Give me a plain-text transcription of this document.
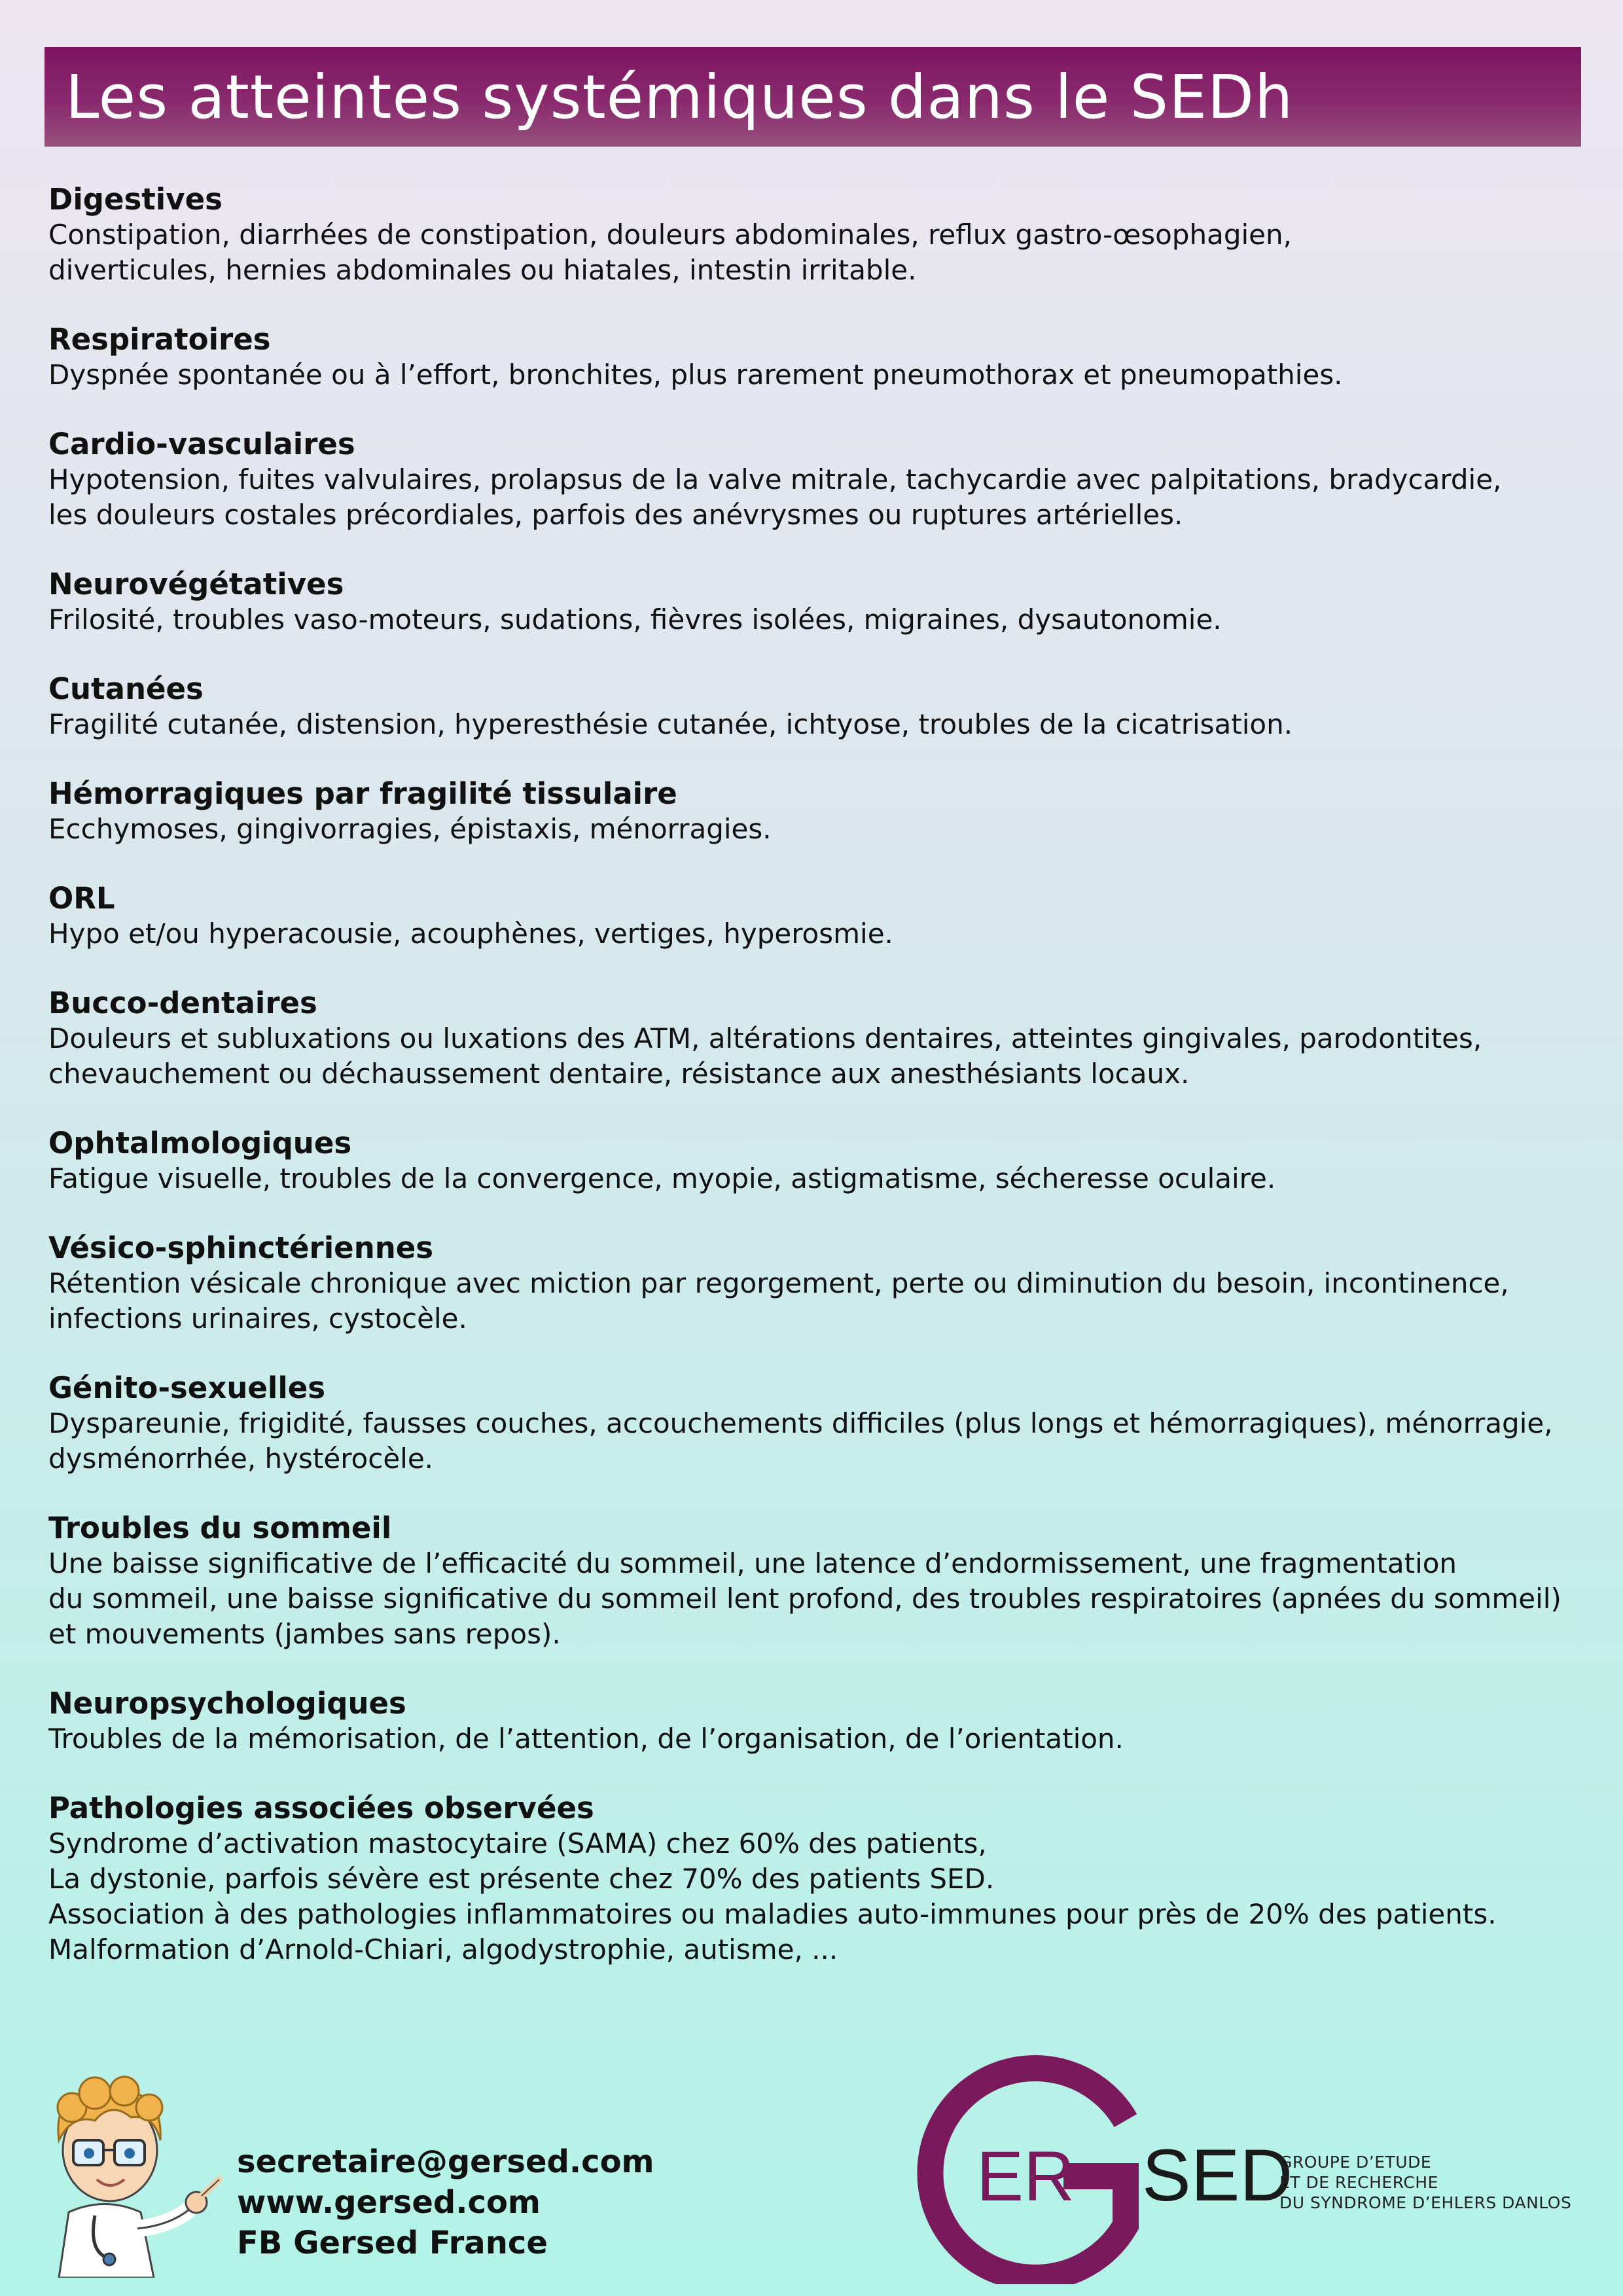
Les atteintes systémiques dans le SEDh
Digestives

Constipation, diarrhées de constipation, douleurs abdominales, reflux gastro-œsophagien,
diverticules, hernies abdominales ou hiatales, intestin irritable.

Respiratoires

Dyspnée spontanée ou à l’effort, bronchites, plus rarement pneumothorax et pneumopathies.

Cardio-vasculaires

Hypotension, fuites valvulaires, prolapsus de la valve mitrale, tachycardie avec palpitations, bradycardie,
les douleurs costales précordiales, parfois des anévrysmes ou ruptures artérielles.

Neurovégétatives

Frilosité, troubles vaso-moteurs, sudations, fièvres isolées, migraines, dysautonomie.

Cutanées

Fragilité cutanée, distension, hyperesthésie cutanée, ichtyose, troubles de la cicatrisation.

Hémorragiques par fragilité tissulaire

Ecchymoses, gingivorragies, épistaxis, ménorragies.

ORL

Hypo et/ou hyperacousie, acouphènes, vertiges, hyperosmie.

Bucco-dentaires

Douleurs et subluxations ou luxations des ATM, altérations dentaires, atteintes gingivales, parodontites,
chevauchement ou déchaussement dentaire, résistance aux anesthésiants locaux.

Ophtalmologiques

Fatigue visuelle, troubles de la convergence, myopie, astigmatisme, sécheresse oculaire.

Vésico-sphinctériennes

Rétention vésicale chronique avec miction par regorgement, perte ou diminution du besoin, incontinence,
infections urinaires, cystocèle.

Génito-sexuelles

Dyspareunie, frigidité, fausses couches, accouchements difficiles (plus longs et hémorragiques), ménorragie,
dysménorrhée, hystérocèle.

Troubles du sommeil

Une baisse significative de l’efficacité du sommeil, une latence d’endormissement, une fragmentation
du sommeil, une baisse significative du sommeil lent profond, des troubles respiratoires (apnées du sommeil)
et mouvements (jambes sans repos).

Neuropsychologiques

Troubles de la mémorisation, de l’attention, de l’organisation, de l’orientation.

Pathologies associées observées

Syndrome d’activation mastocytaire (SAMA) chez 60% des patients,
La dystonie, parfois sévère est présente chez 70% des patients SED.
Association à des pathologies inflammatoires ou maladies auto-immunes pour près de 20% des patients.
Malformation d’Arnold-Chiari, algodystrophie, autisme, ...

secretaire@gersed.com
www.gersed.com
FB Gersed France
ER SED
G
GROUPE D’ETUDE
ET DE RECHERCHE
DU SYNDROME D’EHLERS DANLOS
